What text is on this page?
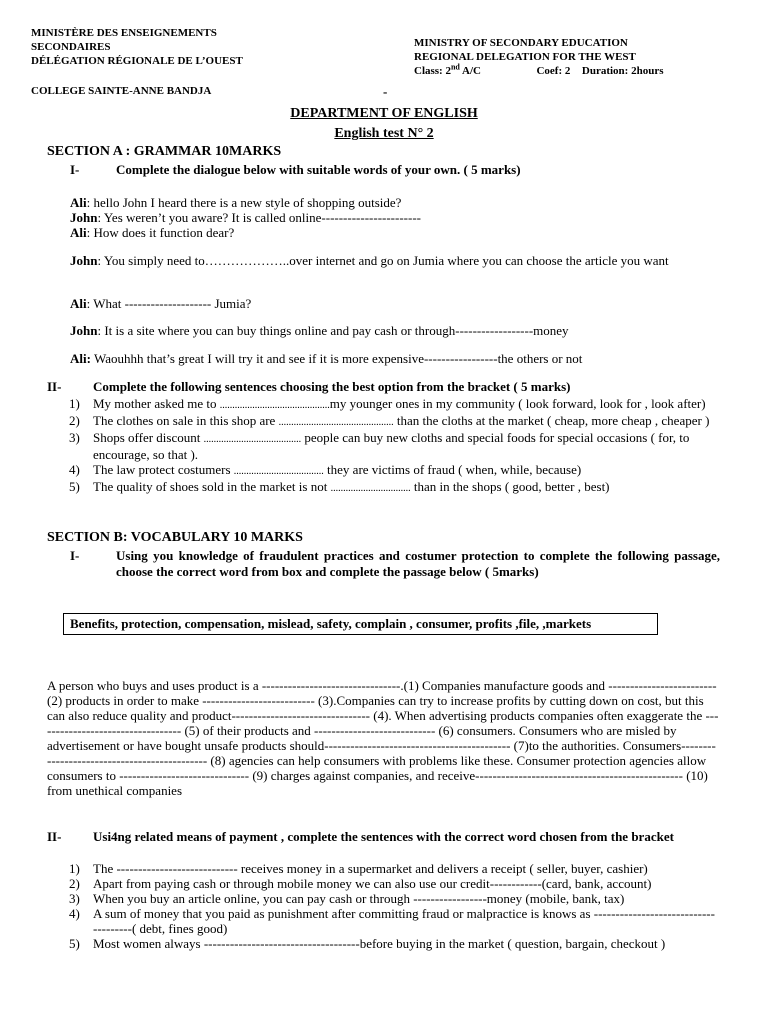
MINISTÈRE DES ENSEIGNEMENTS
SECONDAIRES
DÉLÉGATION RÉGIONALE DE L’OUEST
COLLEGE SAINTE-ANNE BANDJA
MINISTRY OF SECONDARY EDUCATION
REGIONAL DELEGATION FOR THE WEST
Class: 2nd A/C	Coef: 2 Duration: 2hours
-
DEPARTMENT OF ENGLISH
English test N° 2
SECTION A : GRAMMAR 10MARKS
I-	Complete the dialogue below with suitable words of your own. ( 5 marks)
Ali: hello John I heard there is a new style of shopping outside?
John: Yes weren’t you aware? It is called online-----------------------
Ali: How does it function dear?
John: You simply need to………………..over internet and go on Jumia where you can choose the article you want
Ali: What -------------------- Jumia?
John: It is a site where you can buy things online and pay cash or through------------------money
Ali: Waouhhh that’s great I will try it and see if it is more expensive-----------------the others or not
II- Complete the following sentences choosing the best option from the bracket ( 5 marks)
1) My mother asked me to ............................................my younger ones in my community ( look forward, look for , look after)
2) The clothes on sale in this shop are .............................................. than the cloths at the market ( cheap, more cheap , cheaper )
3) Shops offer discount ....................................... people can buy new cloths and special foods for special occasions ( for, to encourage, so that ).
4) The law protect costumers .................................... they are victims of fraud ( when, while, because)
5) The quality of shoes sold in the market is not ................................ than in the shops ( good, better , best)
SECTION B: VOCABULARY 10 MARKS
I-	Using you knowledge of fraudulent practices and costumer protection to complete the following passage, choose the correct word from box and complete the passage below ( 5marks)
Benefits, protection, compensation, mislead, safety, complain , consumer, profits ,file, ,markets
A person who buys and uses product is a --------------------------------.(1) Companies manufacture goods and ------------------------- (2) products in order to make -------------------------- (3).Companies can try to increase profits by cutting down on cost, but this can also reduce quality and product-------------------------------- (4). When advertising products companies often exaggerate the ---------------------------------- (5) of their products and ---------------------------- (6) consumers. Consumers who are misled by advertisement or have bought unsafe products should------------------------------------------- (7)to the authorities. Consumers--------------------------------------------- (8) agencies can help consumers with problems like these. Consumer protection agencies allow consumers to ------------------------------ (9) charges against companies, and receive------------------------------------------------ (10) from unethical companies
II- Usi4ng related means of payment , complete the sentences with the correct word chosen from the bracket
1) The ---------------------------- receives money in a supermarket and delivers a receipt ( seller, buyer, cashier)
2) Apart from paying cash or through mobile money we can also use our credit------------(card, bank, account)
3) When you buy an article online, you can pay cash or through -----------------money (mobile, bank, tax)
4) A sum of money that you paid as punishment after committing fraud or malpractice is knows as -------------------------------------( debt, fines good)
5) Most women always ------------------------------------before buying in the market ( question, bargain, checkout )
